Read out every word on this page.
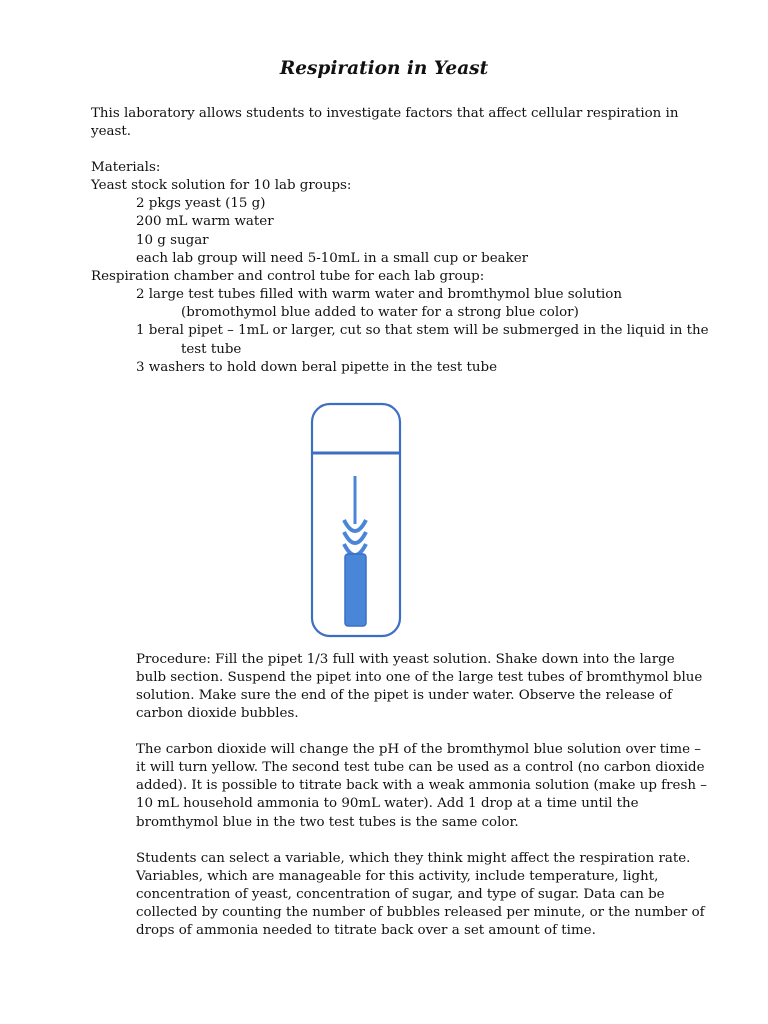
Respiration in Yeast

This laboratory allows students to investigate factors that affect cellular respiration in

yeast.

Materials:

Yeast stock solution for 10 lab groups:

2 pkgs yeast (15 g)

200 mL warm water

10 g sugar

each lab group will need 5-10mL in a small cup or beaker

Respiration chamber and control tube for each lab group:

2 large test tubes filled with warm water and bromthymol blue solution

(bromothymol blue added to water for a strong blue color)

1 beral pipet – 1mL or larger, cut so that stem will be submerged in the liquid in the

test tube

3 washers to hold down beral pipette in the test tube

Procedure: Fill the pipet 1/3 full with yeast solution. Shake down into the large

bulb section. Suspend the pipet into one of the large test tubes of bromthymol blue

solution. Make sure the end of the pipet is under water. Observe the release of

carbon dioxide bubbles.

The carbon dioxide will change the pH of the bromthymol blue solution over time –

it will turn yellow. The second test tube can be used as a control (no carbon dioxide

added). It is possible to titrate back with a weak ammonia solution (make up fresh –

10 mL household ammonia to 90mL water). Add 1 drop at a time until the

bromthymol blue in the two test tubes is the same color.

Students can select a variable, which they think might affect the respiration rate.

Variables, which are manageable for this activity, include temperature, light,

concentration of yeast, concentration of sugar, and type of sugar. Data can be

collected by counting the number of bubbles released per minute, or the number of

drops of ammonia needed to titrate back over a set amount of time.
